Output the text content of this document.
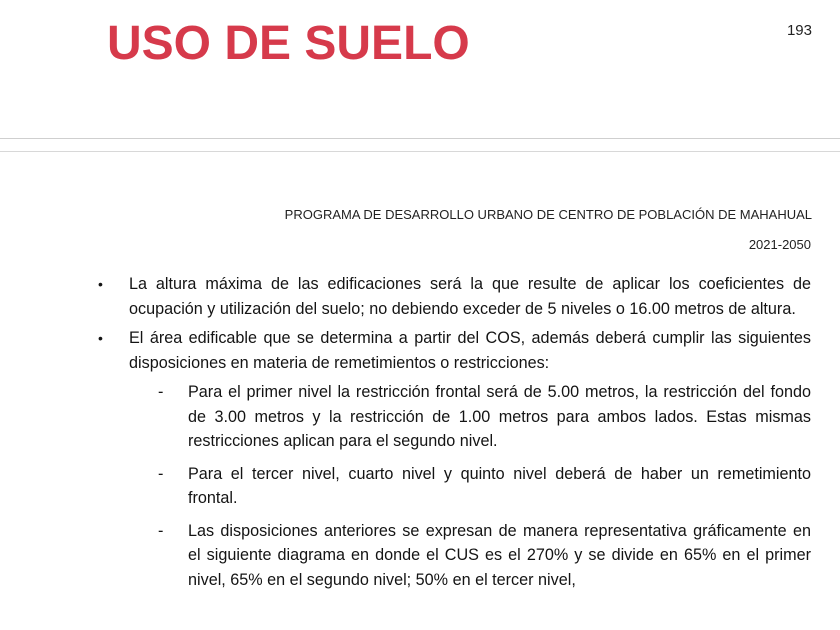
USO DE SUELO	193
PROGRAMA DE DESARROLLO URBANO DE CENTRO DE POBLACIÓN DE MAHAHUAL
2021-2050
• La altura máxima de las edificaciones será la que resulte de aplicar los coeficientes de ocupación y utilización del suelo; no debiendo exceder de 5 niveles o 16.00 metros de altura.
• El área edificable que se determina a partir del COS, además deberá cumplir las siguientes disposiciones en materia de remetimientos o restricciones:
- Para el primer nivel la restricción frontal será de 5.00 metros, la restricción del fondo de 3.00 metros y la restricción de 1.00 metros para ambos lados. Estas mismas restricciones aplican para el segundo nivel.
- Para el tercer nivel, cuarto nivel y quinto nivel deberá de haber un remetimiento frontal.
- Las disposiciones anteriores se expresan de manera representativa gráficamente en el siguiente diagrama en donde el CUS es el 270% y se divide en 65% en el primer nivel, 65% en el segundo nivel; 50% en el tercer nivel,
